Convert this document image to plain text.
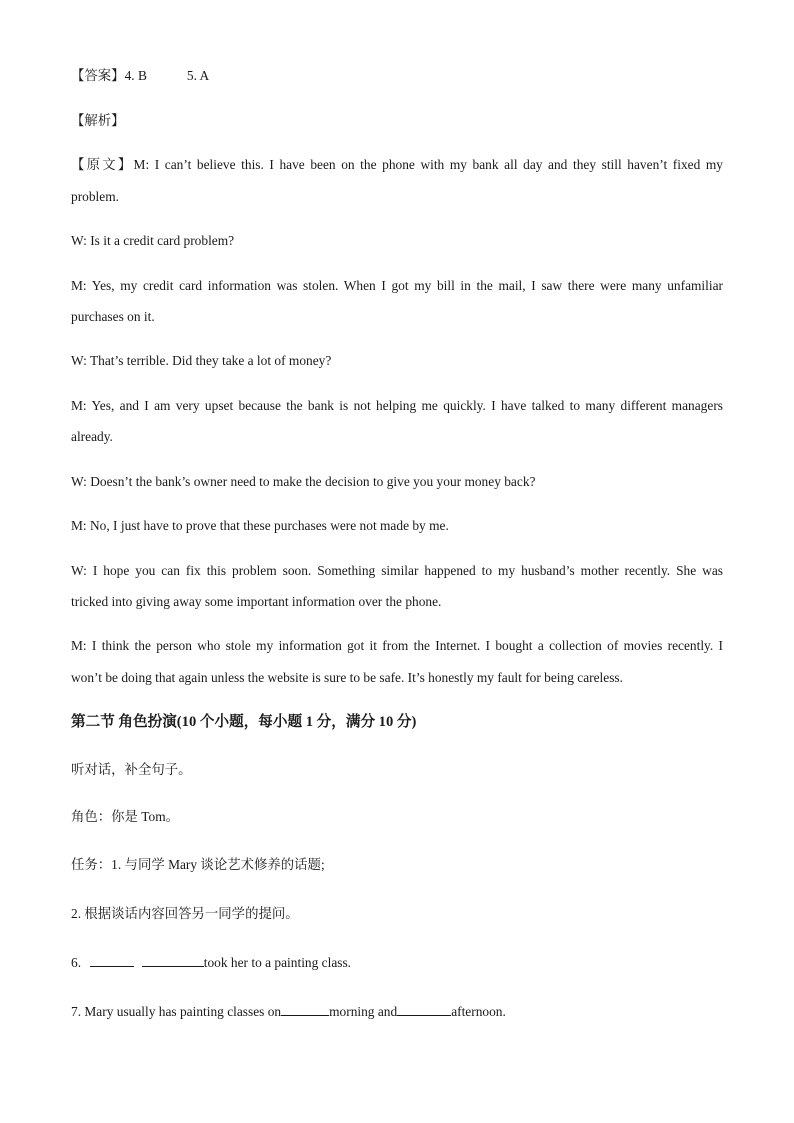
【答案】4. B	5. A
【解析】
【原文】M: I can’t believe this. I have been on the phone with my bank all day and they still haven’t fixed my
problem.
W: Is it a credit card problem?
M: Yes, my credit card information was stolen. When I got my bill in the mail, I saw there were many unfamiliar
purchases on it.
W: That’s terrible. Did they take a lot of money?
M: Yes, and I am very upset because the bank is not helping me quickly. I have talked to many different managers
already.
W: Doesn’t the bank’s owner need to make the decision to give you your money back?
M: No, I just have to prove that these purchases were not made by me.
W: I hope you can fix this problem soon. Something similar happened to my husband’s mother recently. She was
tricked into giving away some important information over the phone.
M: I think the person who stole my information got it from the Internet. I bought a collection of movies recently. I
won’t be doing that again unless the website is sure to be safe. It’s honestly my fault for being careless.
第二节 角色扮演(10 个小题，每小题 1 分，满分 10 分)
听对话，补全句子。
角色：你是 Tom。
任务：1. 与同学 Mary 谈论艺术修养的话题;
2. 根据谈话内容回答另一同学的提问。
6.	took her to a painting class.
7. Mary usually has painting classes on	morning and	afternoon.
